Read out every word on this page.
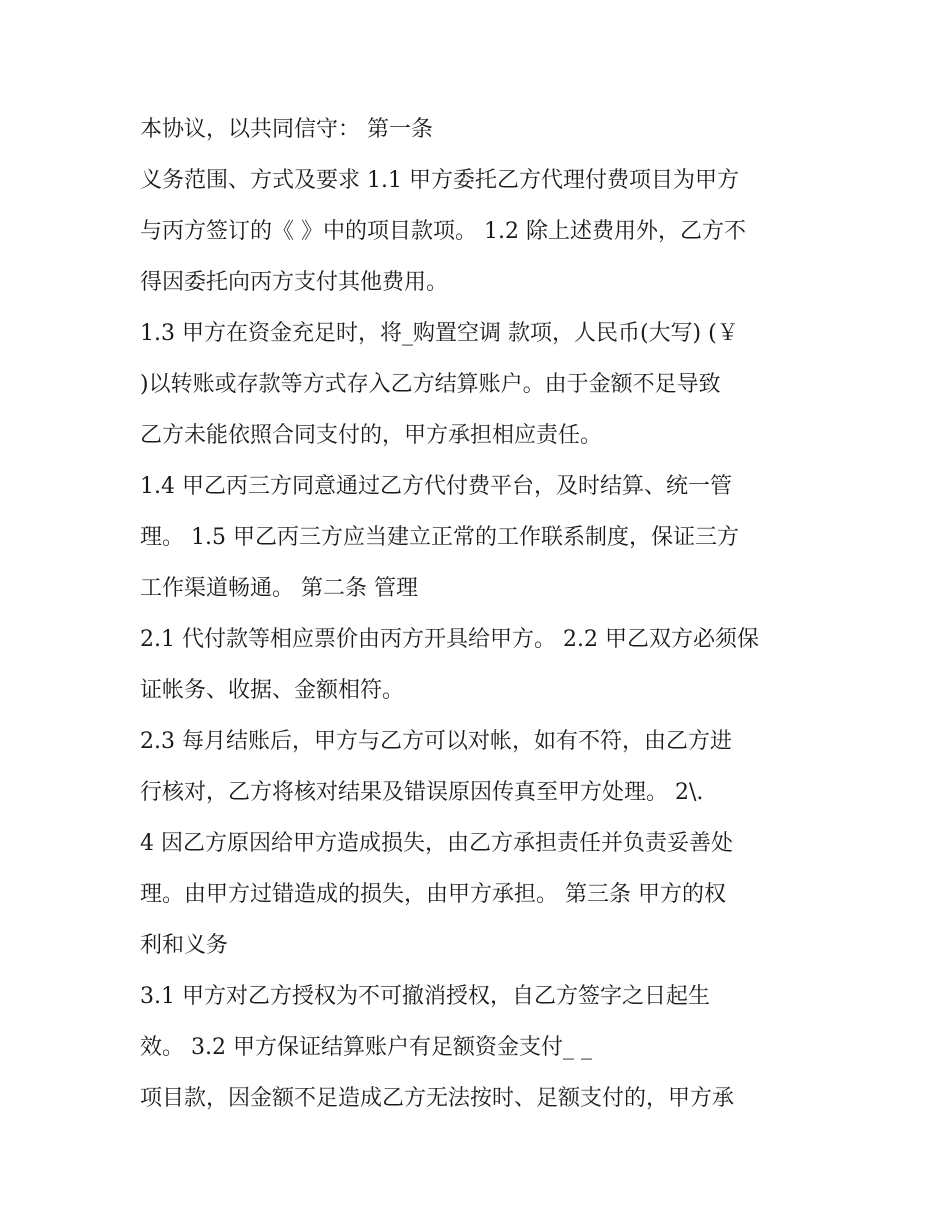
本协议，以共同信守： 第一条
义务范围、方式及要求 1.1 甲方委托乙方代理付费项目为甲方
与丙方签订的《 》中的项目款项。 1.2 除上述费用外，乙方不
得因委托向丙方支付其他费用。
1.3 甲方在资金充足时，将_购置空调 款项，人民币(大写) (￥
)以转账或存款等方式存入乙方结算账户。由于金额不足导致
乙方未能依照合同支付的，甲方承担相应责任。
1.4 甲乙丙三方同意通过乙方代付费平台，及时结算、统一管
理。 1.5 甲乙丙三方应当建立正常的工作联系制度，保证三方
工作渠道畅通。 第二条 管理
2.1 代付款等相应票价由丙方开具给甲方。 2.2 甲乙双方必须保
证帐务、收据、金额相符。
2.3 每月结账后，甲方与乙方可以对帐，如有不符，由乙方进
行核对，乙方将核对结果及错误原因传真至甲方处理。 2\.
4 因乙方原因给甲方造成损失，由乙方承担责任并负责妥善处
理。由甲方过错造成的损失，由甲方承担。 第三条 甲方的权
利和义务
3.1 甲方对乙方授权为不可撤消授权，自乙方签字之日起生
效。 3.2 甲方保证结算账户有足额资金支付_ _
项目款，因金额不足造成乙方无法按时、足额支付的，甲方承
